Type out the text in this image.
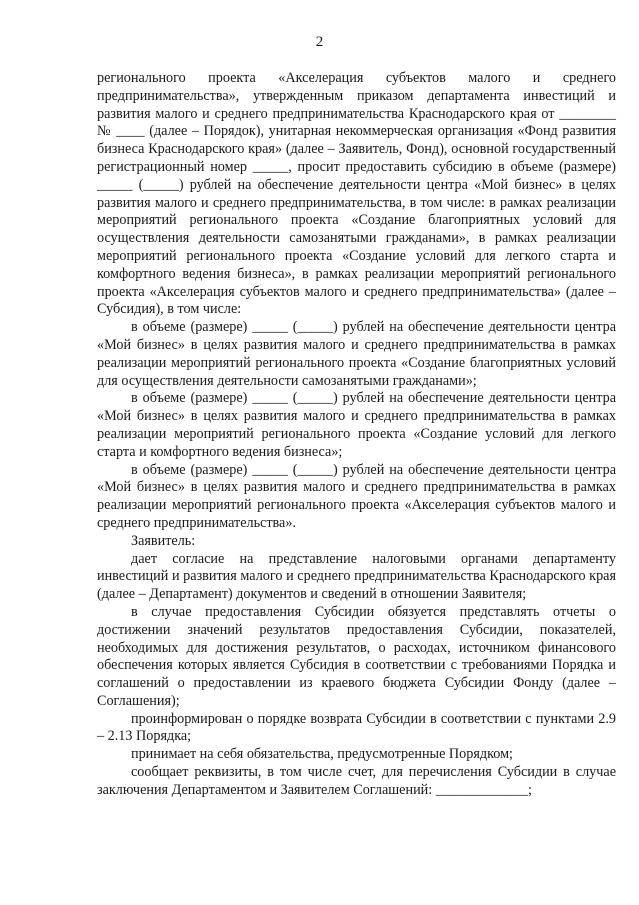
2

регионального проекта «Акселерация субъектов малого и среднего предпринимательства», утвержденным приказом департамента инвестиций и развития малого и среднего предпринимательства Краснодарского края от ________ № ____ (далее – Порядок), унитарная некоммерческая организация «Фонд развития бизнеса Краснодарского края» (далее – Заявитель, Фонд), основной государственный регистрационный номер _____, просит предоставить субсидию в объеме (размере) _____ (_____) рублей на обеспечение деятельности центра «Мой бизнес» в целях развития малого и среднего предпринимательства, в том числе: в рамках реализации мероприятий регионального проекта «Создание благоприятных условий для осуществления деятельности самозанятыми гражданами», в рамках реализации мероприятий регионального проекта «Создание условий для легкого старта и комфортного ведения бизнеса», в рамках реализации мероприятий регионального проекта «Акселерация субъектов малого и среднего предпринимательства» (далее – Субсидия), в том числе:

в объеме (размере) _____ (_____) рублей на обеспечение деятельности центра «Мой бизнес» в целях развития малого и среднего предпринимательства в рамках реализации мероприятий регионального проекта «Создание благоприятных условий для осуществления деятельности самозанятыми гражданами»;

в объеме (размере) _____ (_____) рублей на обеспечение деятельности центра «Мой бизнес» в целях развития малого и среднего предпринимательства в рамках реализации мероприятий регионального проекта «Создание условий для легкого старта и комфортного ведения бизнеса»;

в объеме (размере) _____ (_____) рублей на обеспечение деятельности центра «Мой бизнес» в целях развития малого и среднего предпринимательства в рамках реализации мероприятий регионального проекта «Акселерация субъектов малого и среднего предпринимательства».

Заявитель:

дает согласие на представление налоговыми органами департаменту инвестиций и развития малого и среднего предпринимательства Краснодарского края (далее – Департамент) документов и сведений в отношении Заявителя;

в случае предоставления Субсидии обязуется представлять отчеты о достижении значений результатов предоставления Субсидии, показателей, необходимых для достижения результатов, о расходах, источником финансового обеспечения которых является Субсидия в соответствии с требованиями Порядка и соглашений о предоставлении из краевого бюджета Субсидии Фонду (далее – Соглашения);

проинформирован о порядке возврата Субсидии в соответствии с пунктами 2.9 – 2.13 Порядка;

принимает на себя обязательства, предусмотренные Порядком;

сообщает реквизиты, в том числе счет, для перечисления Субсидии в случае заключения Департаментом и Заявителем Соглашений: _____________;
